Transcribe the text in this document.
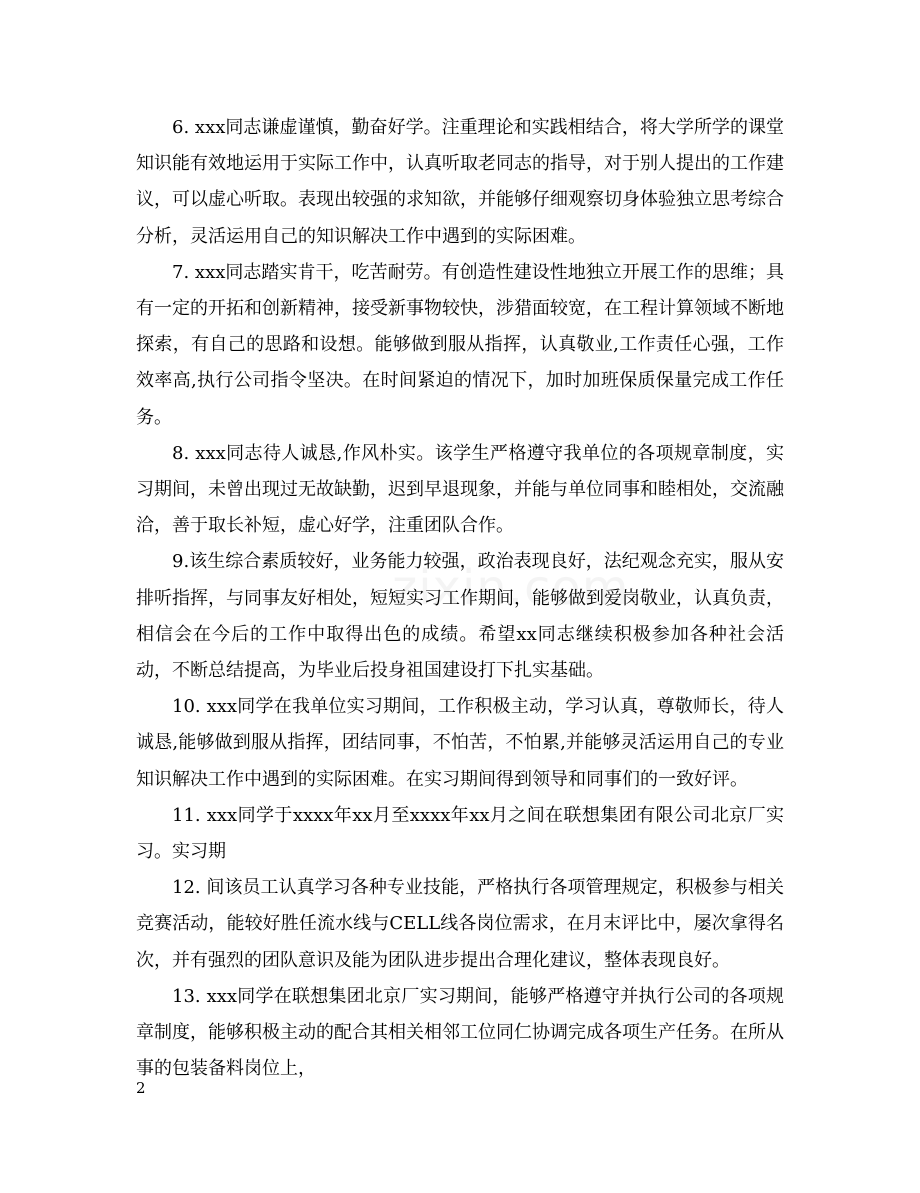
6. xxx同志谦虚谨慎，勤奋好学。注重理论和实践相结合，将大学所学的课堂知识能有效地运用于实际工作中，认真听取老同志的指导，对于别人提出的工作建议，可以虚心听取。表现出较强的求知欲，并能够仔细观察切身体验独立思考综合分析，灵活运用自己的知识解决工作中遇到的实际困难。

7. xxx同志踏实肯干，吃苦耐劳。有创造性建设性地独立开展工作的思维；具有一定的开拓和创新精神，接受新事物较快，涉猎面较宽，在工程计算领域不断地探索，有自己的思路和设想。能够做到服从指挥，认真敬业,工作责任心强，工作效率高,执行公司指令坚决。在时间紧迫的情况下，加时加班保质保量完成工作任务。

8. xxx同志待人诚恳,作风朴实。该学生严格遵守我单位的各项规章制度，实习期间，未曾出现过无故缺勤，迟到早退现象，并能与单位同事和睦相处，交流融洽，善于取长补短，虚心好学，注重团队合作。

9.该生综合素质较好，业务能力较强，政治表现良好，法纪观念充实，服从安排听指挥，与同事友好相处，短短实习工作期间，能够做到爱岗敬业，认真负责，相信会在今后的工作中取得出色的成绩。希望xx同志继续积极参加各种社会活动，不断总结提高，为毕业后投身祖国建设打下扎实基础。

10. xxx同学在我单位实习期间，工作积极主动，学习认真，尊敬师长，待人诚恳,能够做到服从指挥，团结同事，不怕苦，不怕累,并能够灵活运用自己的专业知识解决工作中遇到的实际困难。在实习期间得到领导和同事们的一致好评。

11. xxx同学于xxxx年xx月至xxxx年xx月之间在联想集团有限公司北京厂实习。实习期

12. 间该员工认真学习各种专业技能，严格执行各项管理规定，积极参与相关竞赛活动，能较好胜任流水线与CELL线各岗位需求，在月末评比中，屡次拿得名次，并有强烈的团队意识及能为团队进步提出合理化建议，整体表现良好。

13. xxx同学在联想集团北京厂实习期间，能够严格遵守并执行公司的各项规章制度，能够积极主动的配合其相关相邻工位同仁协调完成各项生产任务。在所从事的包装备料岗位上，

2
